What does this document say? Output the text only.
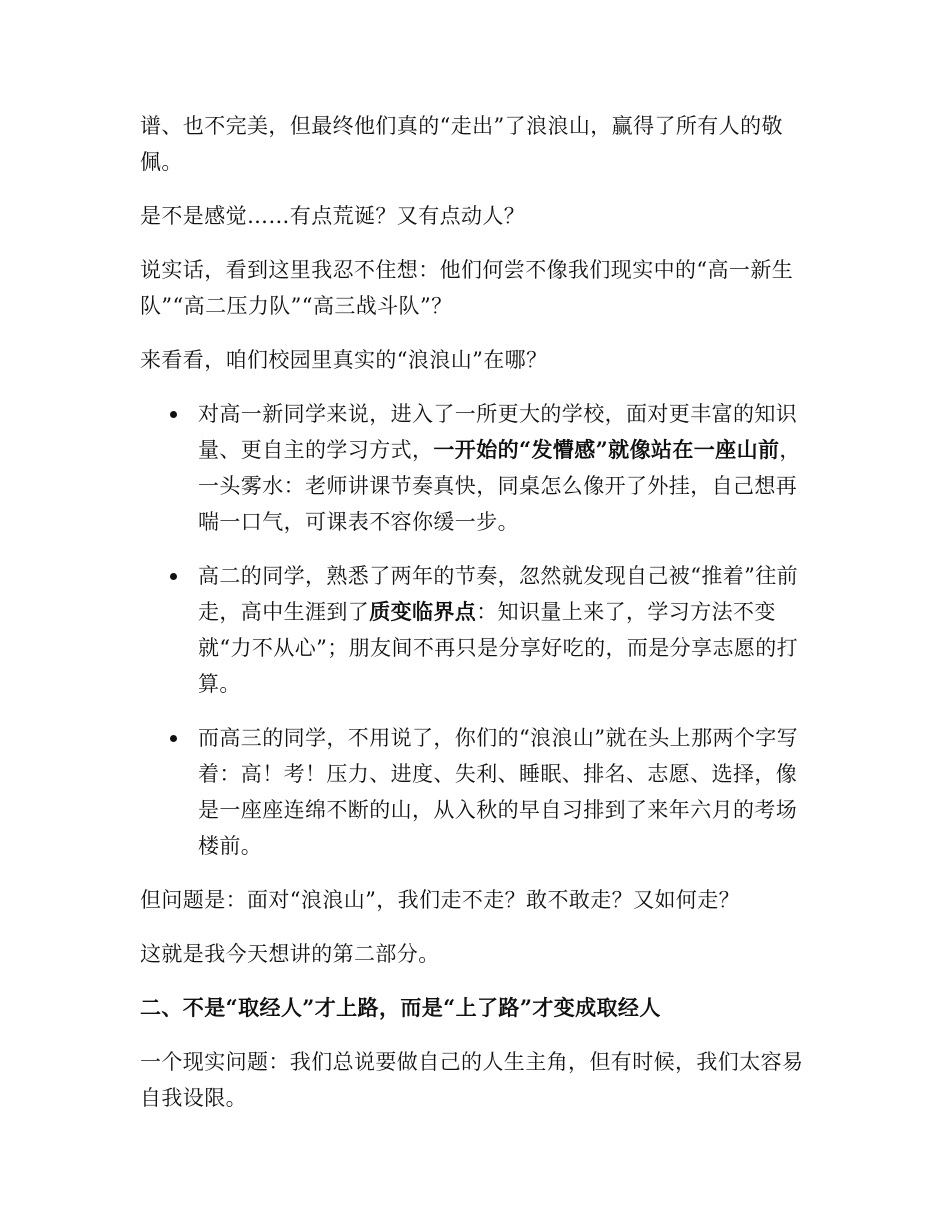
谱、也不完美，但最终他们真的“走出”了浪浪山，赢得了所有人的敬佩。

是不是感觉……有点荒诞？又有点动人？

说实话，看到这里我忍不住想：他们何尝不像我们现实中的“高一新生队”“高二压力队”“高三战斗队”？

来看看，咱们校园里真实的“浪浪山”在哪？

对高一新同学来说，进入了一所更大的学校，面对更丰富的知识量、更自主的学习方式，一开始的“发懵感”就像站在一座山前，一头雾水：老师讲课节奏真快，同桌怎么像开了外挂，自己想再喘一口气，可课表不容你缓一步。
高二的同学，熟悉了两年的节奏，忽然就发现自己被“推着”往前走，高中生涯到了质变临界点：知识量上来了，学习方法不变就“力不从心”；朋友间不再只是分享好吃的，而是分享志愿的打算。
而高三的同学，不用说了，你们的“浪浪山”就在头上那两个字写着：高！考！压力、进度、失利、睡眠、排名、志愿、选择，像是一座座连绵不断的山，从入秋的早自习排到了来年六月的考场楼前。

但问题是：面对“浪浪山”，我们走不走？敢不敢走？又如何走？

这就是我今天想讲的第二部分。

二、不是“取经人”才上路，而是“上了路”才变成取经人

一个现实问题：我们总说要做自己的人生主角，但有时候，我们太容易自我设限。
